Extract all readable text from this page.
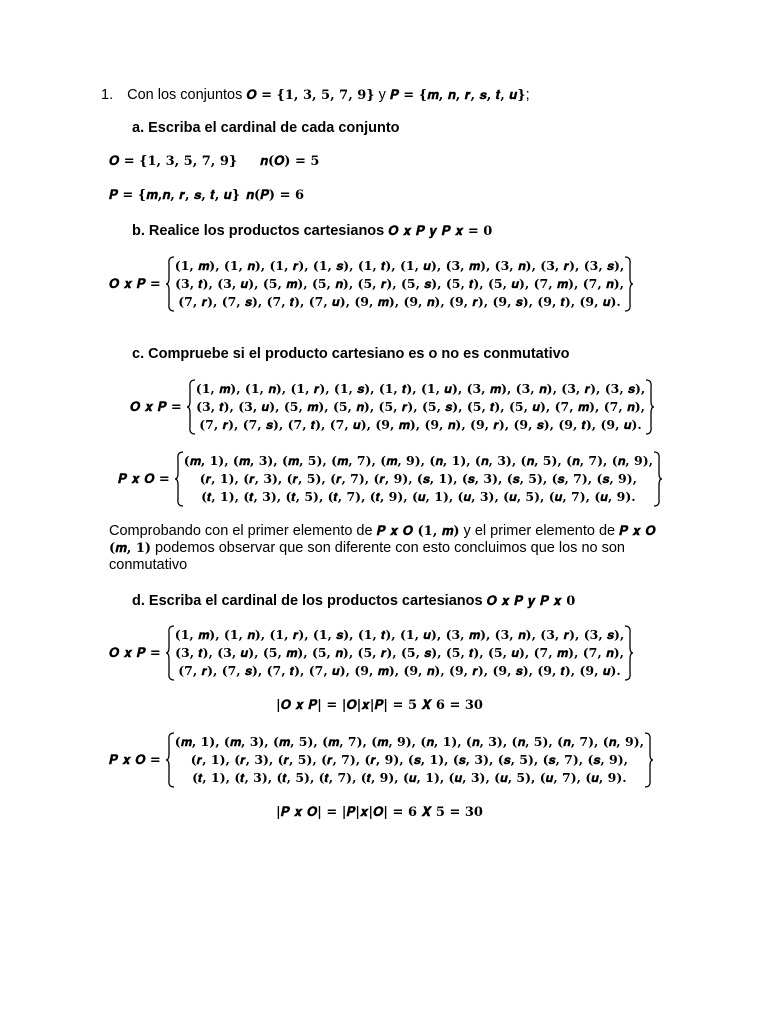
1. Con los conjuntos 𝑶 = {𝟏, 𝟑, 𝟓, 𝟕, 𝟗} y 𝑷 = {𝒎, 𝒏, 𝒓, 𝒔, 𝒕, 𝒖};
a. Escriba el cardinal de cada conjunto
𝑶 = {𝟏, 𝟑, 𝟓, 𝟕, 𝟗} 𝒏(𝑶) = 𝟓
𝑷 = {𝒎,𝒏, 𝒓, 𝒔, 𝒕, 𝒖} 𝒏(𝑷) = 𝟔
b. Realice los productos cartesianos 𝑶 𝒙 𝑷 𝒚 𝑷 𝒙 = 𝟎
𝑶 𝒙 𝑷 =
(𝟏, 𝒎), (𝟏, 𝒏), (𝟏, 𝒓), (𝟏, 𝒔), (𝟏, 𝒕), (𝟏, 𝒖), (𝟑, 𝒎), (𝟑, 𝒏), (𝟑, 𝒓), (𝟑, 𝒔),
(𝟑, 𝒕), (𝟑, 𝒖), (𝟓, 𝒎), (𝟓, 𝒏), (𝟓, 𝒓), (𝟓, 𝒔), (𝟓, 𝒕), (𝟓, 𝒖), (𝟕, 𝒎), (𝟕, 𝒏),
(𝟕, 𝒓), (𝟕, 𝒔), (𝟕, 𝒕), (𝟕, 𝒖), (𝟗, 𝒎), (𝟗, 𝒏), (𝟗, 𝒓), (𝟗, 𝒔), (𝟗, 𝒕), (𝟗, 𝒖).
c. Compruebe si el producto cartesiano es o no es conmutativo
𝑶 𝒙 𝑷 =
(𝟏, 𝒎), (𝟏, 𝒏), (𝟏, 𝒓), (𝟏, 𝒔), (𝟏, 𝒕), (𝟏, 𝒖), (𝟑, 𝒎), (𝟑, 𝒏), (𝟑, 𝒓), (𝟑, 𝒔),
(𝟑, 𝒕), (𝟑, 𝒖), (𝟓, 𝒎), (𝟓, 𝒏), (𝟓, 𝒓), (𝟓, 𝒔), (𝟓, 𝒕), (𝟓, 𝒖), (𝟕, 𝒎), (𝟕, 𝒏),
(𝟕, 𝒓), (𝟕, 𝒔), (𝟕, 𝒕), (𝟕, 𝒖), (𝟗, 𝒎), (𝟗, 𝒏), (𝟗, 𝒓), (𝟗, 𝒔), (𝟗, 𝒕), (𝟗, 𝒖).
𝑷 𝒙 𝑶 =
(𝒎, 𝟏), (𝒎, 𝟑), (𝒎, 𝟓), (𝒎, 𝟕), (𝒎, 𝟗), (𝒏, 𝟏), (𝒏, 𝟑), (𝒏, 𝟓), (𝒏, 𝟕), (𝒏, 𝟗),
(𝒓, 𝟏), (𝒓, 𝟑), (𝒓, 𝟓), (𝒓, 𝟕), (𝒓, 𝟗), (𝒔, 𝟏), (𝒔, 𝟑), (𝒔, 𝟓), (𝒔, 𝟕), (𝒔, 𝟗),
(𝒕, 𝟏), (𝒕, 𝟑), (𝒕, 𝟓), (𝒕, 𝟕), (𝒕, 𝟗), (𝒖, 𝟏), (𝒖, 𝟑), (𝒖, 𝟓), (𝒖, 𝟕), (𝒖, 𝟗).
Comprobando con el primer elemento de 𝑷 𝒙 𝑶 (𝟏, 𝒎) y el primer elemento de 𝑷 𝒙 𝑶 (𝒎, 𝟏) podemos observar que son diferente con esto concluimos que los no son conmutativo
d. Escriba el cardinal de los productos cartesianos 𝑶 𝒙 𝑷 𝒚 𝑷 𝒙 𝟎
𝑶 𝒙 𝑷 =
(𝟏, 𝒎), (𝟏, 𝒏), (𝟏, 𝒓), (𝟏, 𝒔), (𝟏, 𝒕), (𝟏, 𝒖), (𝟑, 𝒎), (𝟑, 𝒏), (𝟑, 𝒓), (𝟑, 𝒔),
(𝟑, 𝒕), (𝟑, 𝒖), (𝟓, 𝒎), (𝟓, 𝒏), (𝟓, 𝒓), (𝟓, 𝒔), (𝟓, 𝒕), (𝟓, 𝒖), (𝟕, 𝒎), (𝟕, 𝒏),
(𝟕, 𝒓), (𝟕, 𝒔), (𝟕, 𝒕), (𝟕, 𝒖), (𝟗, 𝒎), (𝟗, 𝒏), (𝟗, 𝒓), (𝟗, 𝒔), (𝟗, 𝒕), (𝟗, 𝒖).
|𝑶 𝒙 𝑷| = |𝑶|𝒙|𝑷| = 𝟓 𝑿 𝟔 = 𝟑𝟎
𝑷 𝒙 𝑶 =
(𝒎, 𝟏), (𝒎, 𝟑), (𝒎, 𝟓), (𝒎, 𝟕), (𝒎, 𝟗), (𝒏, 𝟏), (𝒏, 𝟑), (𝒏, 𝟓), (𝒏, 𝟕), (𝒏, 𝟗),
(𝒓, 𝟏), (𝒓, 𝟑), (𝒓, 𝟓), (𝒓, 𝟕), (𝒓, 𝟗), (𝒔, 𝟏), (𝒔, 𝟑), (𝒔, 𝟓), (𝒔, 𝟕), (𝒔, 𝟗),
(𝒕, 𝟏), (𝒕, 𝟑), (𝒕, 𝟓), (𝒕, 𝟕), (𝒕, 𝟗), (𝒖, 𝟏), (𝒖, 𝟑), (𝒖, 𝟓), (𝒖, 𝟕), (𝒖, 𝟗).
|𝑷 𝒙 𝑶| = |𝑷|𝒙|𝑶| = 𝟔 𝑿 𝟓 = 𝟑𝟎
